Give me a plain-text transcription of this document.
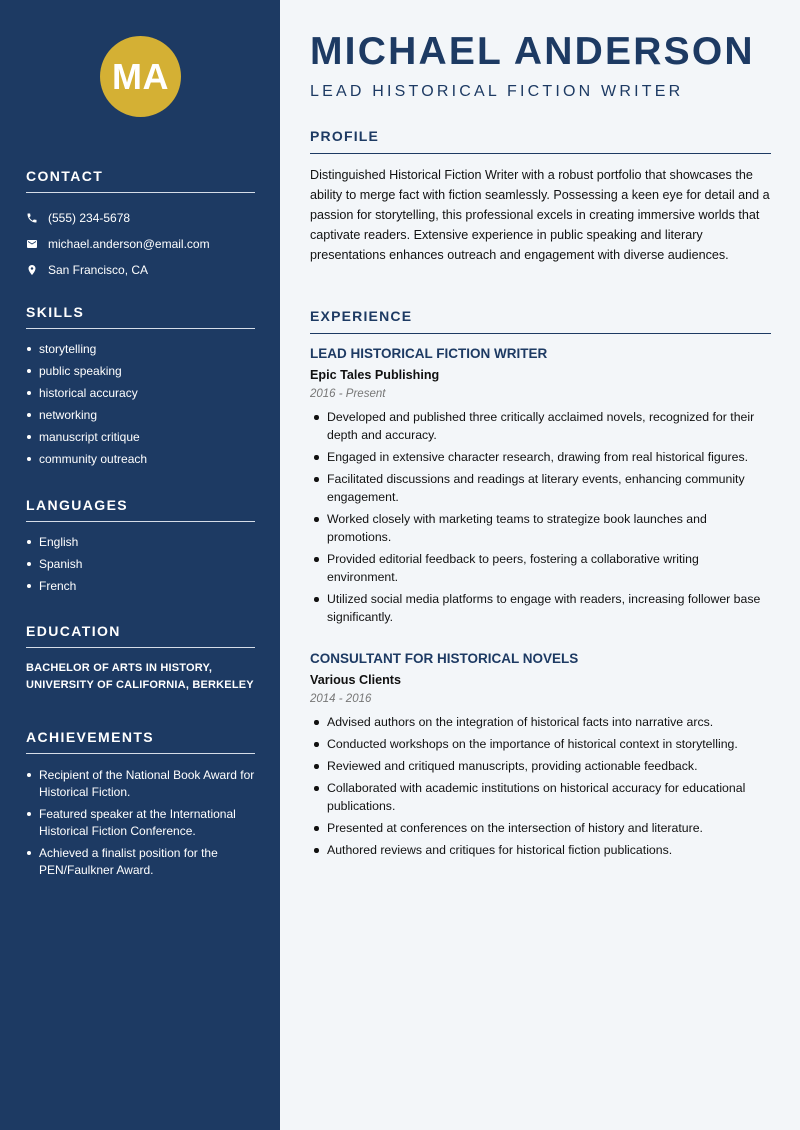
MA
CONTACT
(555) 234-5678
michael.anderson@email.com
San Francisco, CA
SKILLS
storytelling
public speaking
historical accuracy
networking
manuscript critique
community outreach
LANGUAGES
English
Spanish
French
EDUCATION
BACHELOR OF ARTS IN HISTORY,
UNIVERSITY OF CALIFORNIA, BERKELEY
ACHIEVEMENTS
Recipient of the National Book Award for Historical Fiction.
Featured speaker at the International Historical Fiction Conference.
Achieved a finalist position for the PEN/Faulkner Award.
MICHAEL ANDERSON
LEAD HISTORICAL FICTION WRITER
PROFILE

Distinguished Historical Fiction Writer with a robust portfolio that showcases the ability to merge fact with fiction seamlessly. Possessing a keen eye for detail and a passion for storytelling, this professional excels in creating immersive worlds that captivate readers. Extensive experience in public speaking and literary presentations enhances outreach and engagement with diverse audiences.

EXPERIENCE
LEAD HISTORICAL FICTION WRITER
Epic Tales Publishing
2016 - Present
Developed and published three critically acclaimed novels, recognized for their depth and accuracy.
Engaged in extensive character research, drawing from real historical figures.
Facilitated discussions and readings at literary events, enhancing community engagement.
Worked closely with marketing teams to strategize book launches and promotions.
Provided editorial feedback to peers, fostering a collaborative writing environment.
Utilized social media platforms to engage with readers, increasing follower base significantly.
CONSULTANT FOR HISTORICAL NOVELS
Various Clients
2014 - 2016
Advised authors on the integration of historical facts into narrative arcs.
Conducted workshops on the importance of historical context in storytelling.
Reviewed and critiqued manuscripts, providing actionable feedback.
Collaborated with academic institutions on historical accuracy for educational publications.
Presented at conferences on the intersection of history and literature.
Authored reviews and critiques for historical fiction publications.
